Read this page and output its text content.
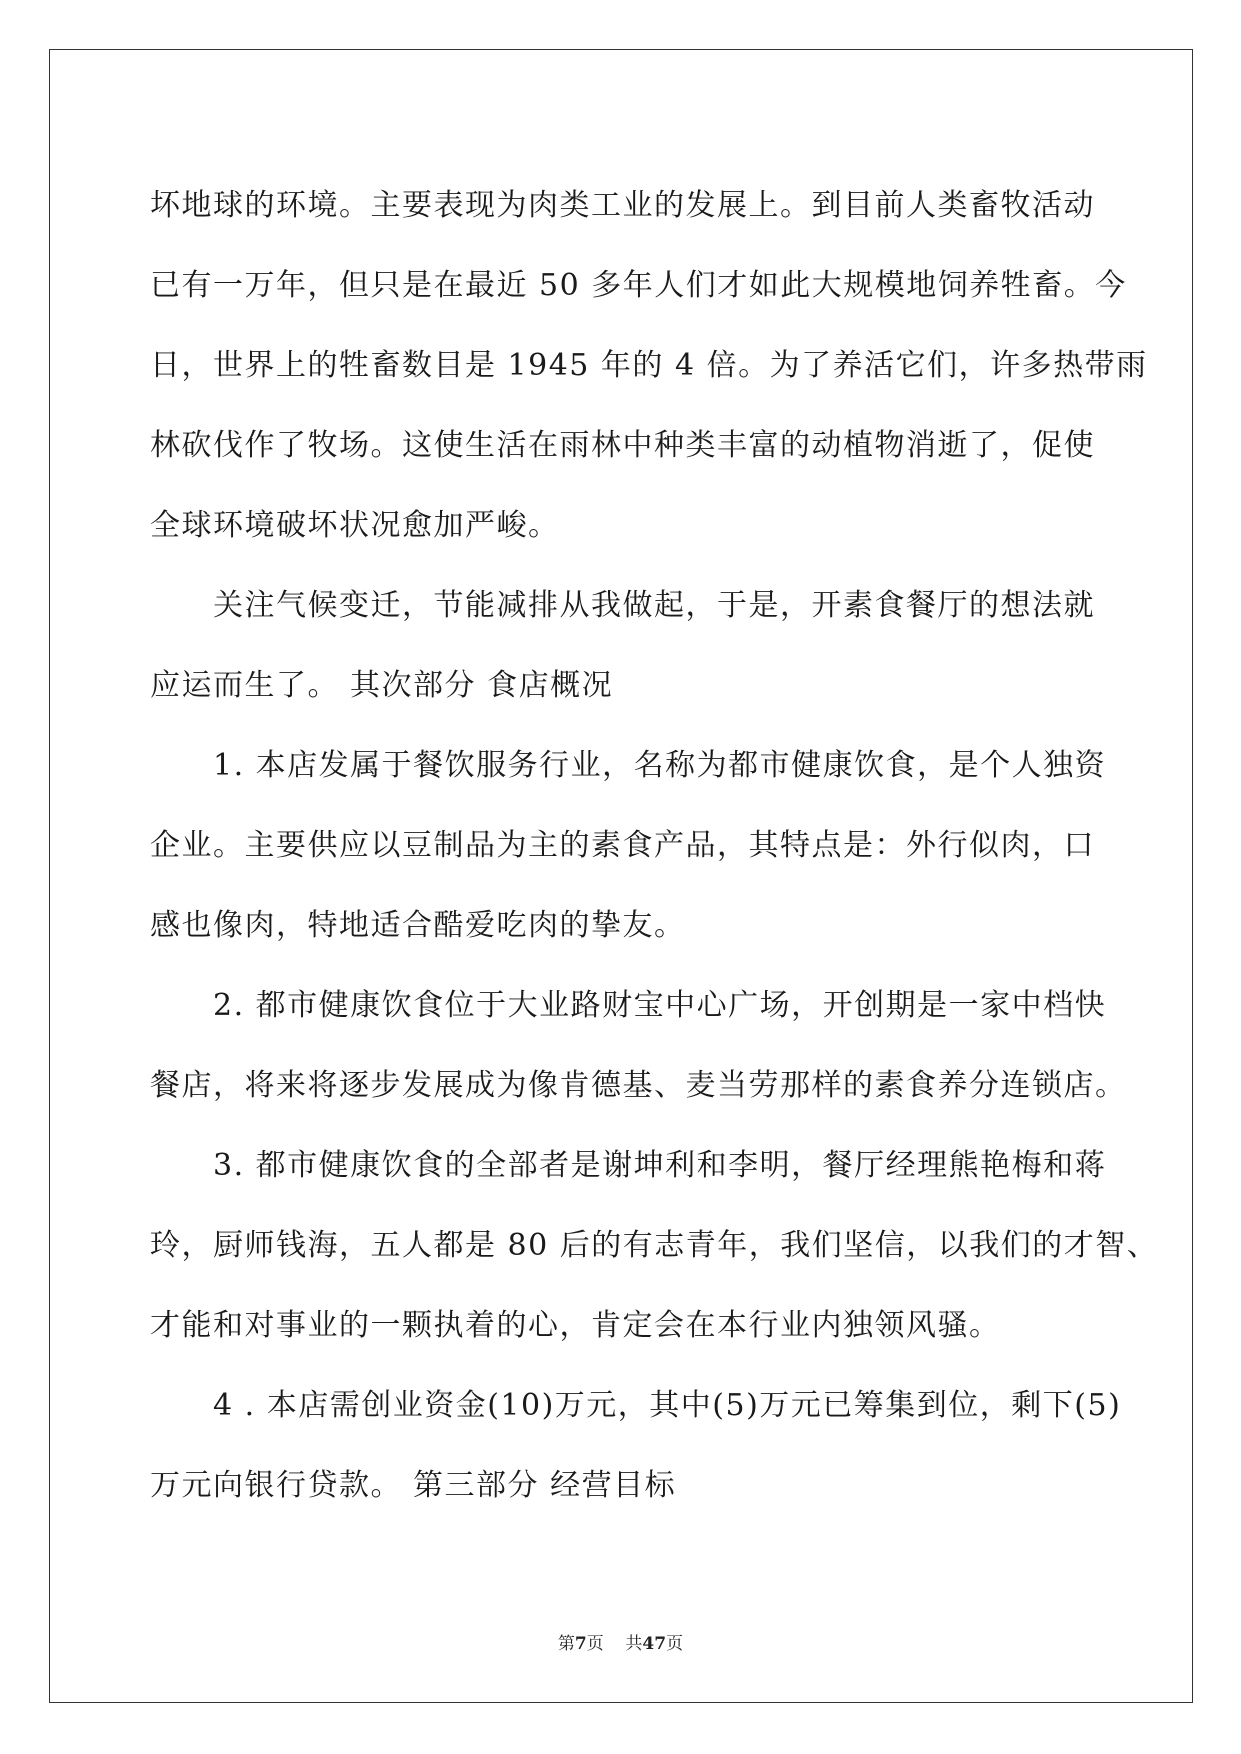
坏地球的环境。主要表现为肉类工业的发展上。到目前人类畜牧活动
已有一万年，但只是在最近 50 多年人们才如此大规模地饲养牲畜。今
日，世界上的牲畜数目是 1945 年的 4 倍。为了养活它们，许多热带雨
林砍伐作了牧场。这使生活在雨林中种类丰富的动植物消逝了，促使
全球环境破坏状况愈加严峻。
　　关注气候变迁，节能减排从我做起，于是，开素食餐厅的想法就
应运而生了。 其次部分 食店概况
　　1. 本店发属于餐饮服务行业，名称为都市健康饮食，是个人独资
企业。主要供应以豆制品为主的素食产品，其特点是：外行似肉，口
感也像肉，特地适合酷爱吃肉的挚友。
　　2. 都市健康饮食位于大业路财宝中心广场，开创期是一家中档快
餐店，将来将逐步发展成为像肯德基、麦当劳那样的素食养分连锁店。
　　3. 都市健康饮食的全部者是谢坤利和李明，餐厅经理熊艳梅和蒋
玲，厨师钱海，五人都是 80 后的有志青年，我们坚信，以我们的才智、
才能和对事业的一颗执着的心，肯定会在本行业内独领风骚。
　　4 . 本店需创业资金(10)万元，其中(5)万元已筹集到位，剩下(5)
万元向银行贷款。 第三部分 经营目标

第7页 共47页
